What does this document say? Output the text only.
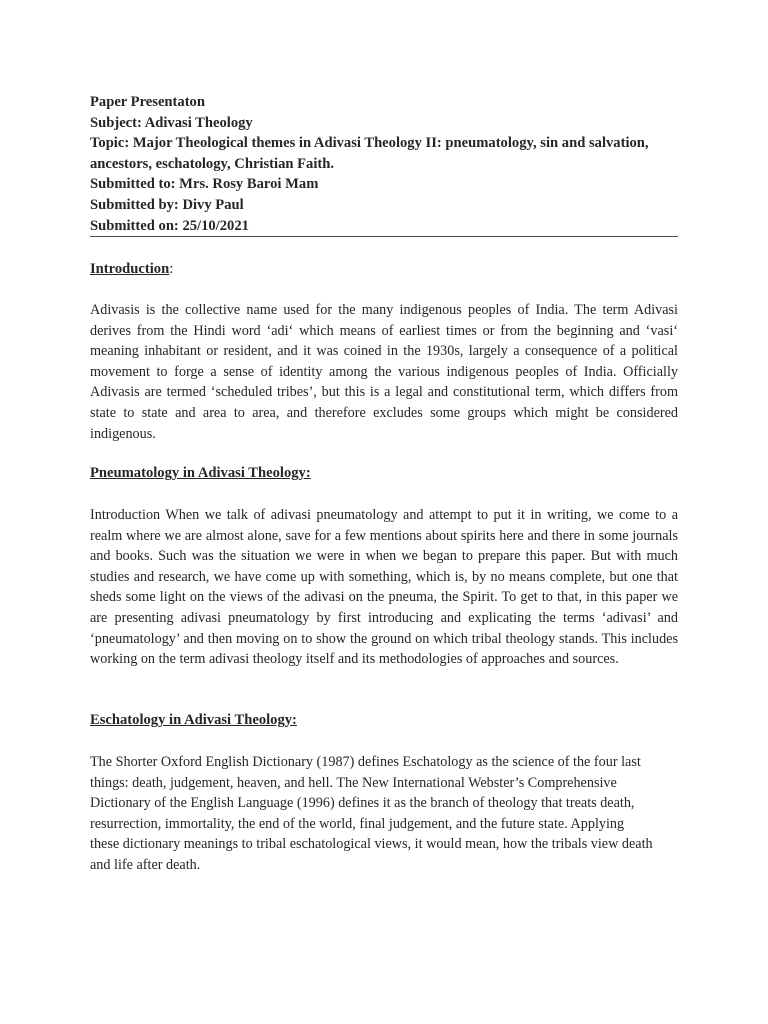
Paper Presentaton
Subject: Adivasi Theology
Topic: Major Theological themes in Adivasi Theology II: pneumatology, sin and salvation, ancestors, eschatology, Christian Faith.
Submitted to: Mrs. Rosy Baroi Mam
Submitted by: Divy Paul
Submitted on: 25/10/2021
Introduction:

Adivasis is the collective name used for the many indigenous peoples of India. The term Adivasi derives from the Hindi word ‘adi‘ which means of earliest times or from the beginning and ‘vasi‘ meaning inhabitant or resident, and it was coined in the 1930s, largely a consequence of a political movement to forge a sense of identity among the various indigenous peoples of India. Officially Adivasis are termed ‘scheduled tribes’, but this is a legal and constitutional term, which differs from state to state and area to area, and therefore excludes some groups which might be considered indigenous.

Pneumatology in Adivasi Theology:

Introduction When we talk of adivasi pneumatology and attempt to put it in writing, we come to a realm where we are almost alone, save for a few mentions about spirits here and there in some journals and books. Such was the situation we were in when we began to prepare this paper. But with much studies and research, we have come up with something, which is, by no means complete, but one that sheds some light on the views of the adivasi on the pneuma, the Spirit. To get to that, in this paper we are presenting adivasi pneumatology by first introducing and explicating the terms ‘adivasi’ and ‘pneumatology’ and then moving on to show the ground on which tribal theology stands. This includes working on the term adivasi theology itself and its methodologies of approaches and sources.

Eschatology in Adivasi Theology:

The Shorter Oxford English Dictionary (1987) defines Eschatology as the science of the four last things: death, judgement, heaven, and hell. The New International Webster’s Comprehensive Dictionary of the English Language (1996) defines it as the branch of theology that treats death, resurrection, immortality, the end of the world, final judgement, and the future state. Applying these dictionary meanings to tribal eschatological views, it would mean, how the tribals view death and life after death.
